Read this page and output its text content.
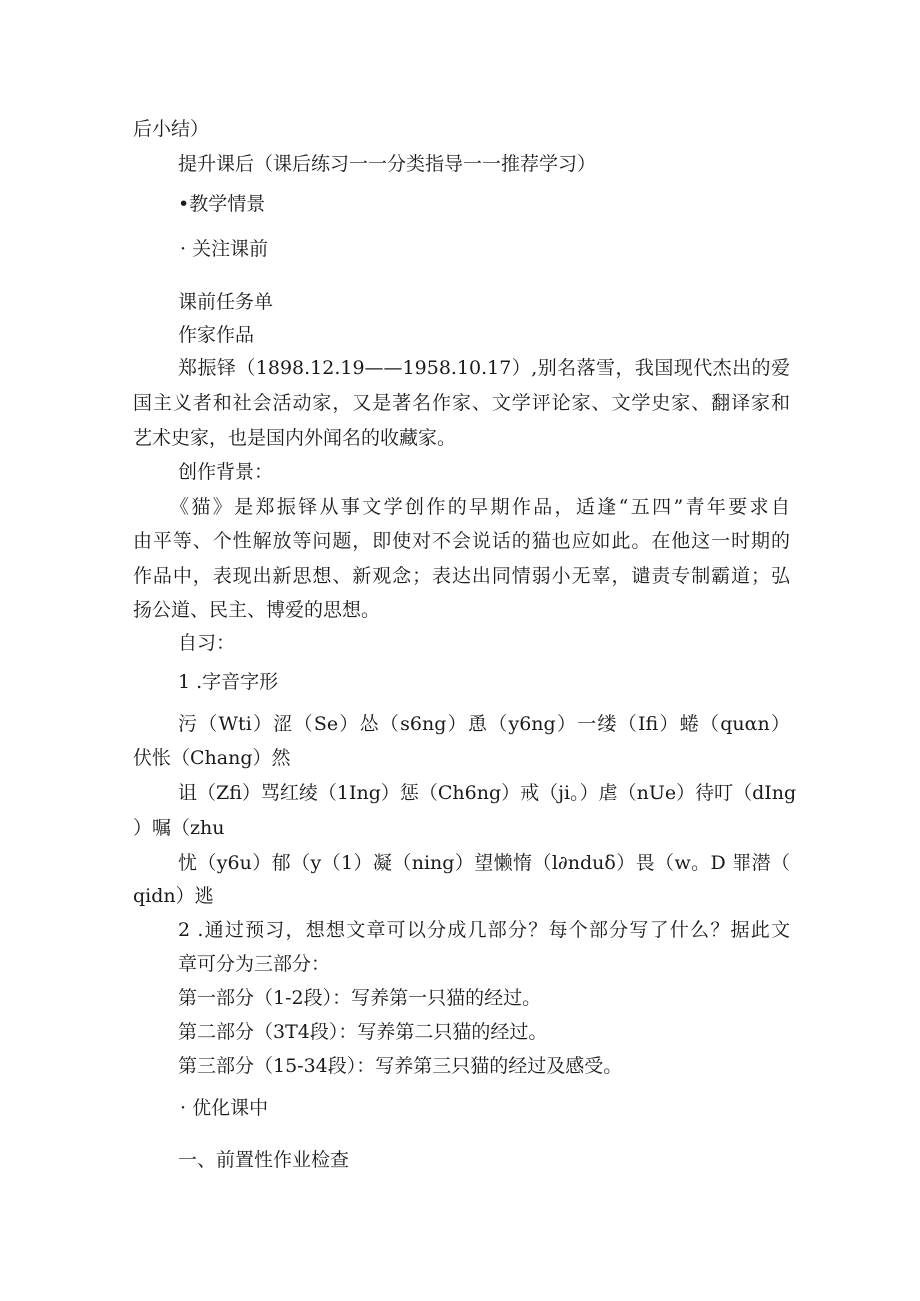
后小结）
提升课后（课后练习一一分类指导一一推荐学习）
•教学情景
· 关注课前
课前任务单
作家作品
郑振铎（1898.12.19——1958.10.17）,别名落雪，我国现代杰出的爱
国主义者和社会活动家，又是著名作家、文学评论家、文学史家、翻译家和
艺术史家，也是国内外闻名的收藏家。
创作背景：
《猫》是郑振铎从事文学创作的早期作品，适逢“五四”青年要求自
由平等、个性解放等问题，即使对不会说话的猫也应如此。在他这一时期的
作品中，表现出新思想、新观念；表达出同情弱小无辜，谴责专制霸道；弘
扬公道、民主、博爱的思想。
自习：
1 .字音字形
污（Wti）涩（Se）怂（s6ng）恿（y6ng）一缕（Ifi）蜷（quαn）
伏怅（Chang）然
诅（Zfi）骂红绫（1Ing）惩（Ch6ng）戒（ji。）虐（nUe）待叮（dIng
）嘱（zhu
忧（y6u）郁（y（1）凝（ning）望懒惰（l∂nduδ）畏（w。D 罪潜（
qidn）逃
2 .通过预习，想想文章可以分成几部分？每个部分写了什么？据此文
章可分为三部分：
第一部分（1-2段）：写养第一只猫的经过。
第二部分（3T4段）：写养第二只猫的经过。
第三部分（15-34段）：写养第三只猫的经过及感受。
· 优化课中
一、前置性作业检查
